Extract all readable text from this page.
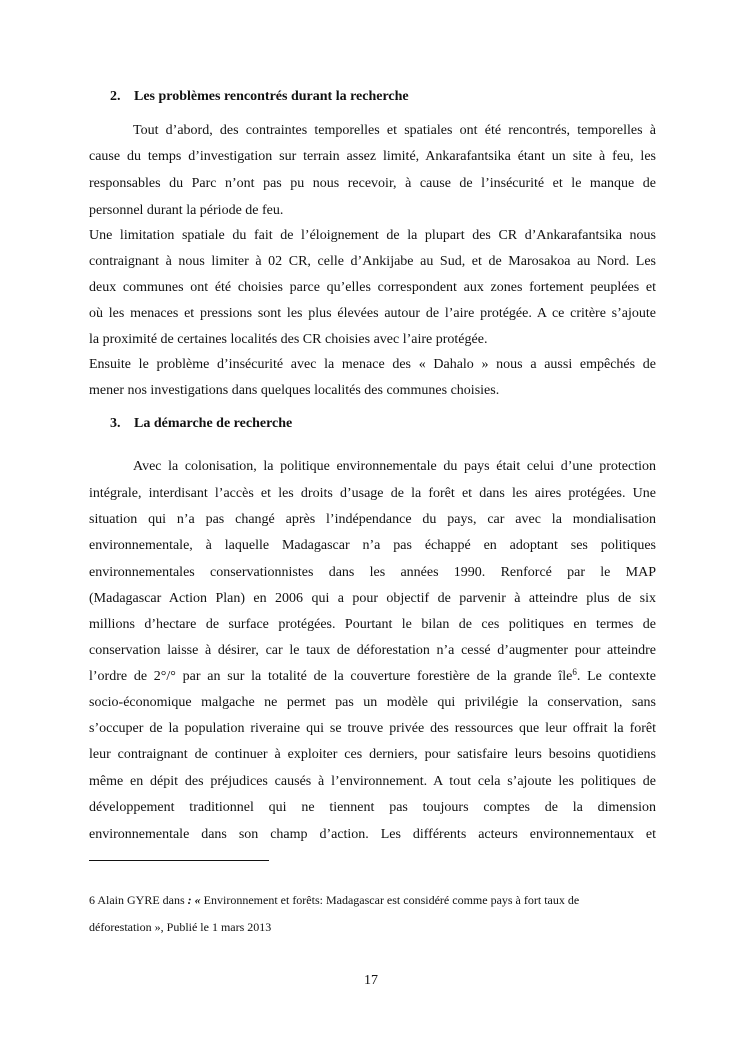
2. Les problèmes rencontrés durant la recherche
Tout d’abord, des contraintes temporelles et spatiales ont été rencontrés, temporelles à
cause du temps d’investigation sur terrain assez limité, Ankarafantsika étant un site à feu, les
responsables du Parc n’ont pas pu nous recevoir, à cause de l’insécurité et le manque de
personnel durant la période de feu.
Une limitation spatiale du fait de l’éloignement de la plupart des CR d’Ankarafantsika nous
contraignant à nous limiter à 02 CR, celle d’Ankijabe au Sud, et de Marosakoa au Nord. Les
deux communes ont été choisies parce qu’elles correspondent aux zones fortement peuplées et
où les menaces et pressions sont les plus élevées autour de l’aire protégée. A ce critère s’ajoute
la proximité de certaines localités des CR choisies avec l’aire protégée.
Ensuite le problème d’insécurité avec la menace des « Dahalo » nous a aussi empêchés de
mener nos investigations dans quelques localités des communes choisies.
3. La démarche de recherche
Avec la colonisation, la politique environnementale du pays était celui d’une protection
intégrale, interdisant l’accès et les droits d’usage de la forêt et dans les aires protégées. Une
situation qui n’a pas changé après l’indépendance du pays, car avec la mondialisation
environnementale, à laquelle Madagascar n’a pas échappé en adoptant ses politiques
environnementales conservationnistes dans les années 1990. Renforcé par le MAP
(Madagascar Action Plan) en 2006 qui a pour objectif de parvenir à atteindre plus de six
millions d’hectare de surface protégées. Pourtant le bilan de ces politiques en termes de
conservation laisse à désirer, car le taux de déforestation n’a cessé d’augmenter pour atteindre
l’ordre de 2°/° par an sur la totalité de la couverture forestière de la grande île$^6$. Le contexte
socio-économique malgache ne permet pas un modèle qui privilégie la conservation, sans
s’occuper de la population riveraine qui se trouve privée des ressources que leur offrait la forêt
leur contraignant de continuer à exploiter ces derniers, pour satisfaire leurs besoins quotidiens
même en dépit des préjudices causés à l’environnement. A tout cela s’ajoute les politiques de
développement traditionnel qui ne tiennent pas toujours comptes de la dimension
environnementale dans son champ d’action. Les différents acteurs environnementaux et
6 Alain GYRE dans : « Environnement et forêts: Madagascar est considéré comme pays à fort taux de
déforestation », Publié le 1 mars 2013
17
